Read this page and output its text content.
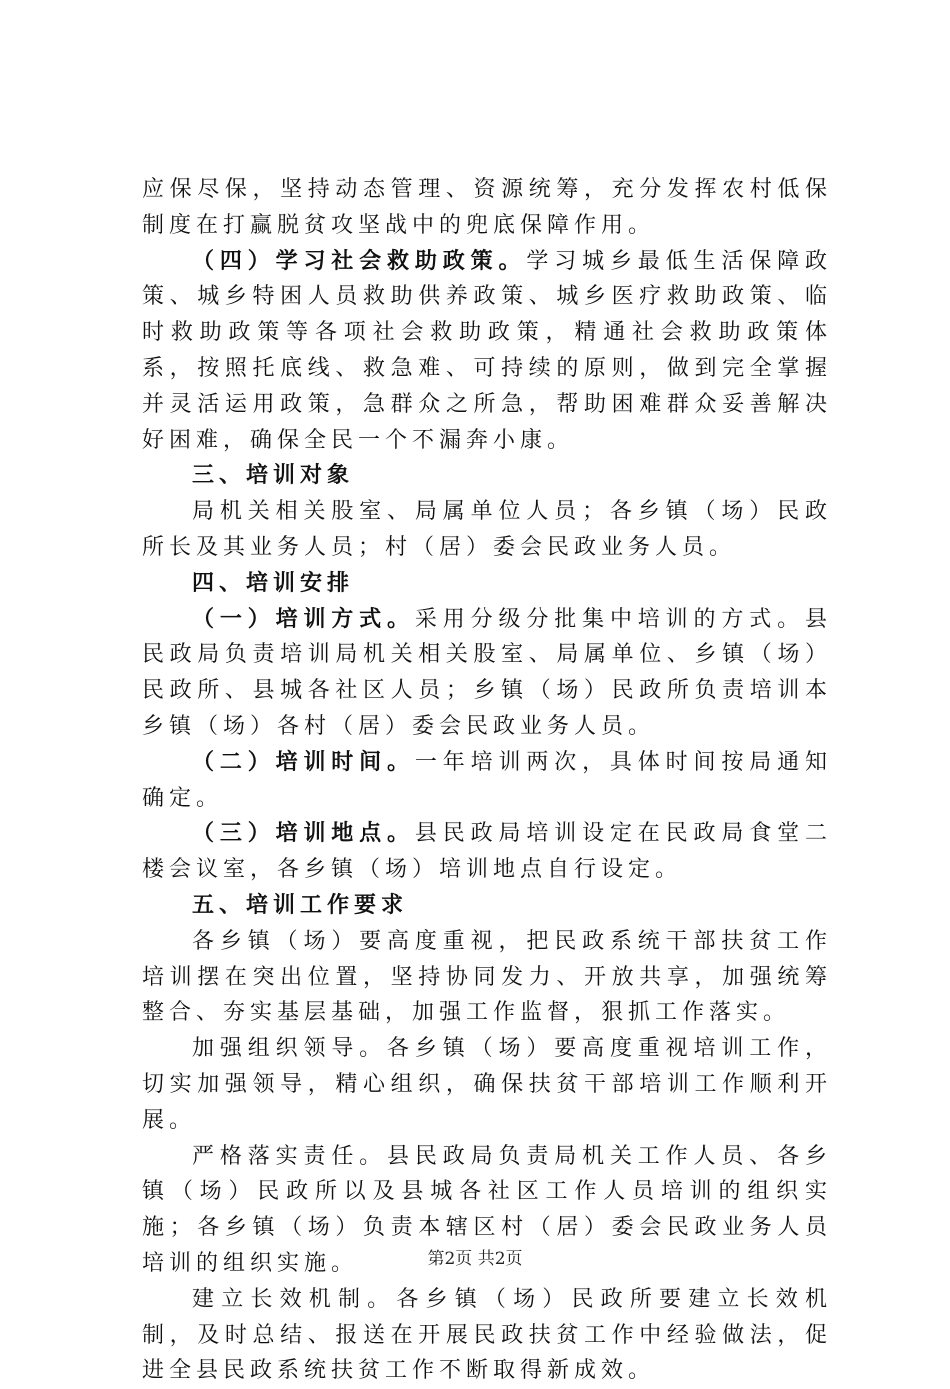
应保尽保，坚持动态管理、资源统筹，充分发挥农村低保制度在打赢脱贫攻坚战中的兜底保障作用。

（四）学习社会救助政策。学习城乡最低生活保障政策、城乡特困人员救助供养政策、城乡医疗救助政策、临时救助政策等各项社会救助政策，精通社会救助政策体系，按照托底线、救急难、可持续的原则，做到完全掌握并灵活运用政策，急群众之所急，帮助困难群众妥善解决好困难，确保全民一个不漏奔小康。

三、培训对象

局机关相关股室、局属单位人员；各乡镇（场）民政所长及其业务人员；村（居）委会民政业务人员。

四、培训安排

（一）培训方式。采用分级分批集中培训的方式。县民政局负责培训局机关相关股室、局属单位、乡镇（场）民政所、县城各社区人员；乡镇（场）民政所负责培训本乡镇（场）各村（居）委会民政业务人员。

（二）培训时间。一年培训两次，具体时间按局通知确定。

（三）培训地点。县民政局培训设定在民政局食堂二楼会议室，各乡镇（场）培训地点自行设定。

五、培训工作要求

各乡镇（场）要高度重视，把民政系统干部扶贫工作培训摆在突出位置，坚持协同发力、开放共享，加强统筹整合、夯实基层基础，加强工作监督，狠抓工作落实。

加强组织领导。各乡镇（场）要高度重视培训工作，切实加强领导，精心组织，确保扶贫干部培训工作顺利开展。

严格落实责任。县民政局负责局机关工作人员、各乡镇（场）民政所以及县城各社区工作人员培训的组织实施；各乡镇（场）负责本辖区村（居）委会民政业务人员培训的组织实施。

建立长效机制。各乡镇（场）民政所要建立长效机制，及时总结、报送在开展民政扶贫工作中经验做法，促进全县民政系统扶贫工作不断取得新成效。

第2页 共2页
